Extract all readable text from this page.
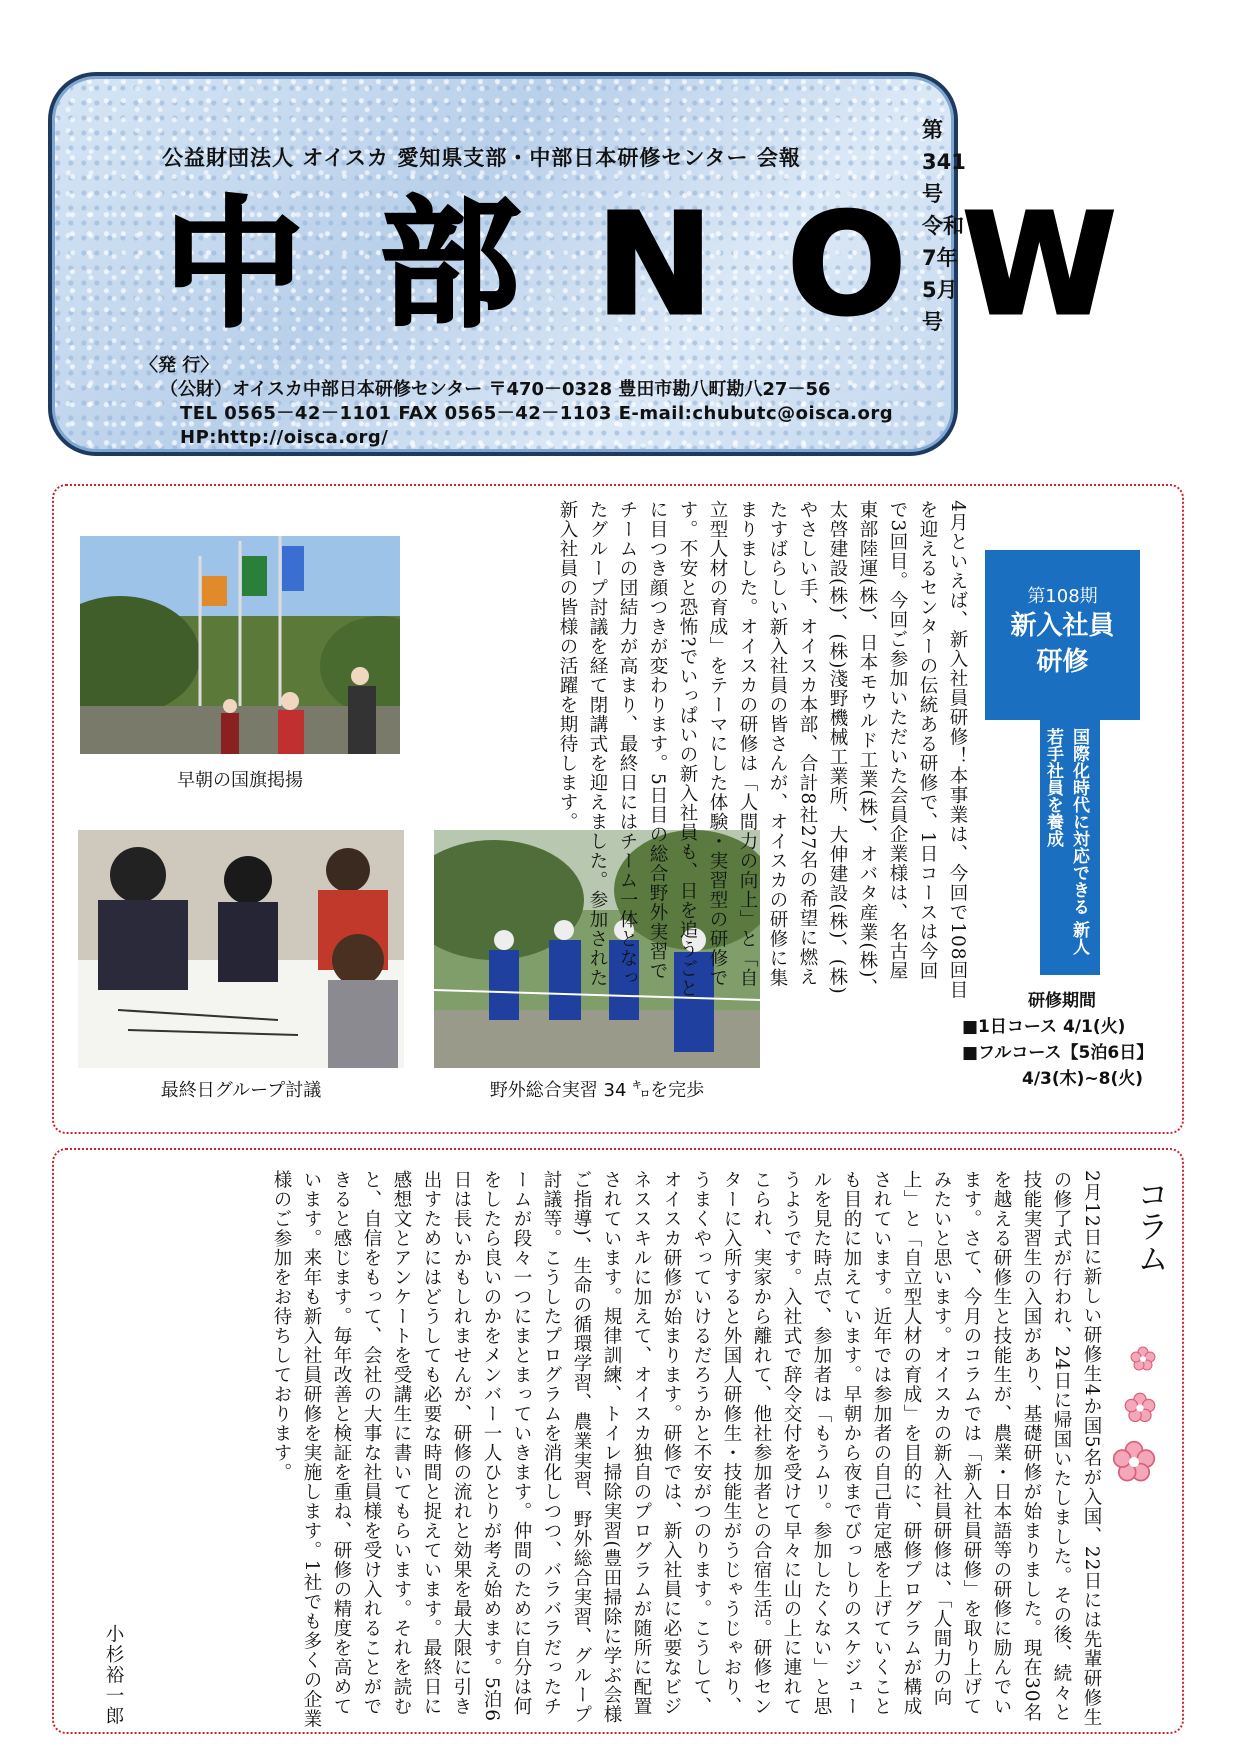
公益財団法人 オイスカ 愛知県支部・中部日本研修センター 会報
第341号
令和7年5月号
中 部 N O W
〈発 行〉
（公財）オイスカ中部日本研修センター 〒470－0328 豊田市勘八町勘八27－56
TEL 0565－42－1101 FAX 0565－42－1103 E-mail:chubutc@oisca.org HP:http://oisca.org/
早朝の国旗掲揚
最終日グループ討議	野外総合実習 34 ㌔を完歩
4月といえば、新入社員研修！本事業は、今回で108回目を迎えるセンターの伝統ある研修で、1日コースは今回で3回目。今回ご参加いただいた会員企業様は、名古屋東部陸運(株)、日本モウルド工業(株)、オバタ産業(株)、太啓建設(株)、(株)淺野機械工業所、大伸建設(株)、(株)やさしい手、オイスカ本部、合計8社27名の希望に燃えたすばらしい新入社員の皆さんが、オイスカの研修に集まりました。オイスカの研修は「人間力の向上」と「自立型人材の育成」をテーマにした体験・実習型の研修です。不安と恐怖?でいっぱいの新入社員も、日を追うごとに目つき顔つきが変わります。5日目の総合野外実習でチームの団結力が高まり、最終日にはチーム一体となったグループ討議を経て閉講式を迎えました。参加された新入社員の皆様の活躍を期待します。	第108期
新入社員
研修
国際化時代に対応できる 新人 若手社員を養成
研修期間
■1日コース 4/1(火)
■フルコース【5泊6日】
4/3(木)~8(火)
コラム
2月12日に新しい研修生4か国5名が入国、22日には先輩研修生の修了式が行われ、24日に帰国いたしました。その後、続々と技能実習生の入国があり、基礎研修が始まりました。現在30名を越える研修生と技能生が、農業・日本語等の研修に励んでいます。さて、今月のコラムでは「新入社員研修」を取り上げてみたいと思います。オイスカの新入社員研修は、「人間力の向上」と「自立型人材の育成」を目的に、研修プログラムが構成されています。近年では参加者の自己肯定感を上げていくことも目的に加えています。早朝から夜までびっしりのスケジュールを見た時点で、参加者は「もうムリ。参加したくない」と思うようです。入社式で辞令交付を受けて早々に山の上に連れてこられ、実家から離れて、他社参加者との合宿生活。研修センターに入所すると外国人研修生・技能生がうじゃうじゃおり、うまくやっていけるだろうかと不安がつのります。こうして、オイスカ研修が始まります。研修では、新入社員に必要なビジネススキルに加えて、オイスカ独自のプログラムが随所に配置されています。規律訓練、トイレ掃除実習(豊田掃除に学ぶ会様ご指導)、生命の循環学習、農業実習、野外総合実習、グループ討議等。こうしたプログラムを消化しつつ、バラバラだったチームが段々一つにまとまっていきます。仲間のために自分は何をしたら良いのかをメンバー一人ひとりが考え始めます。5泊6日は長いかもしれませんが、研修の流れと効果を最大限に引き出すためにはどうしても必要な時間と捉えています。最終日に感想文とアンケートを受講生に書いてもらいます。それを読むと、自信をもって、会社の大事な社員様を受け入れることができると感じます。毎年改善と検証を重ね、研修の精度を高めています。来年も新入社員研修を実施します。1社でも多くの企業様のご参加をお待ちしております。
小杉裕一郎
